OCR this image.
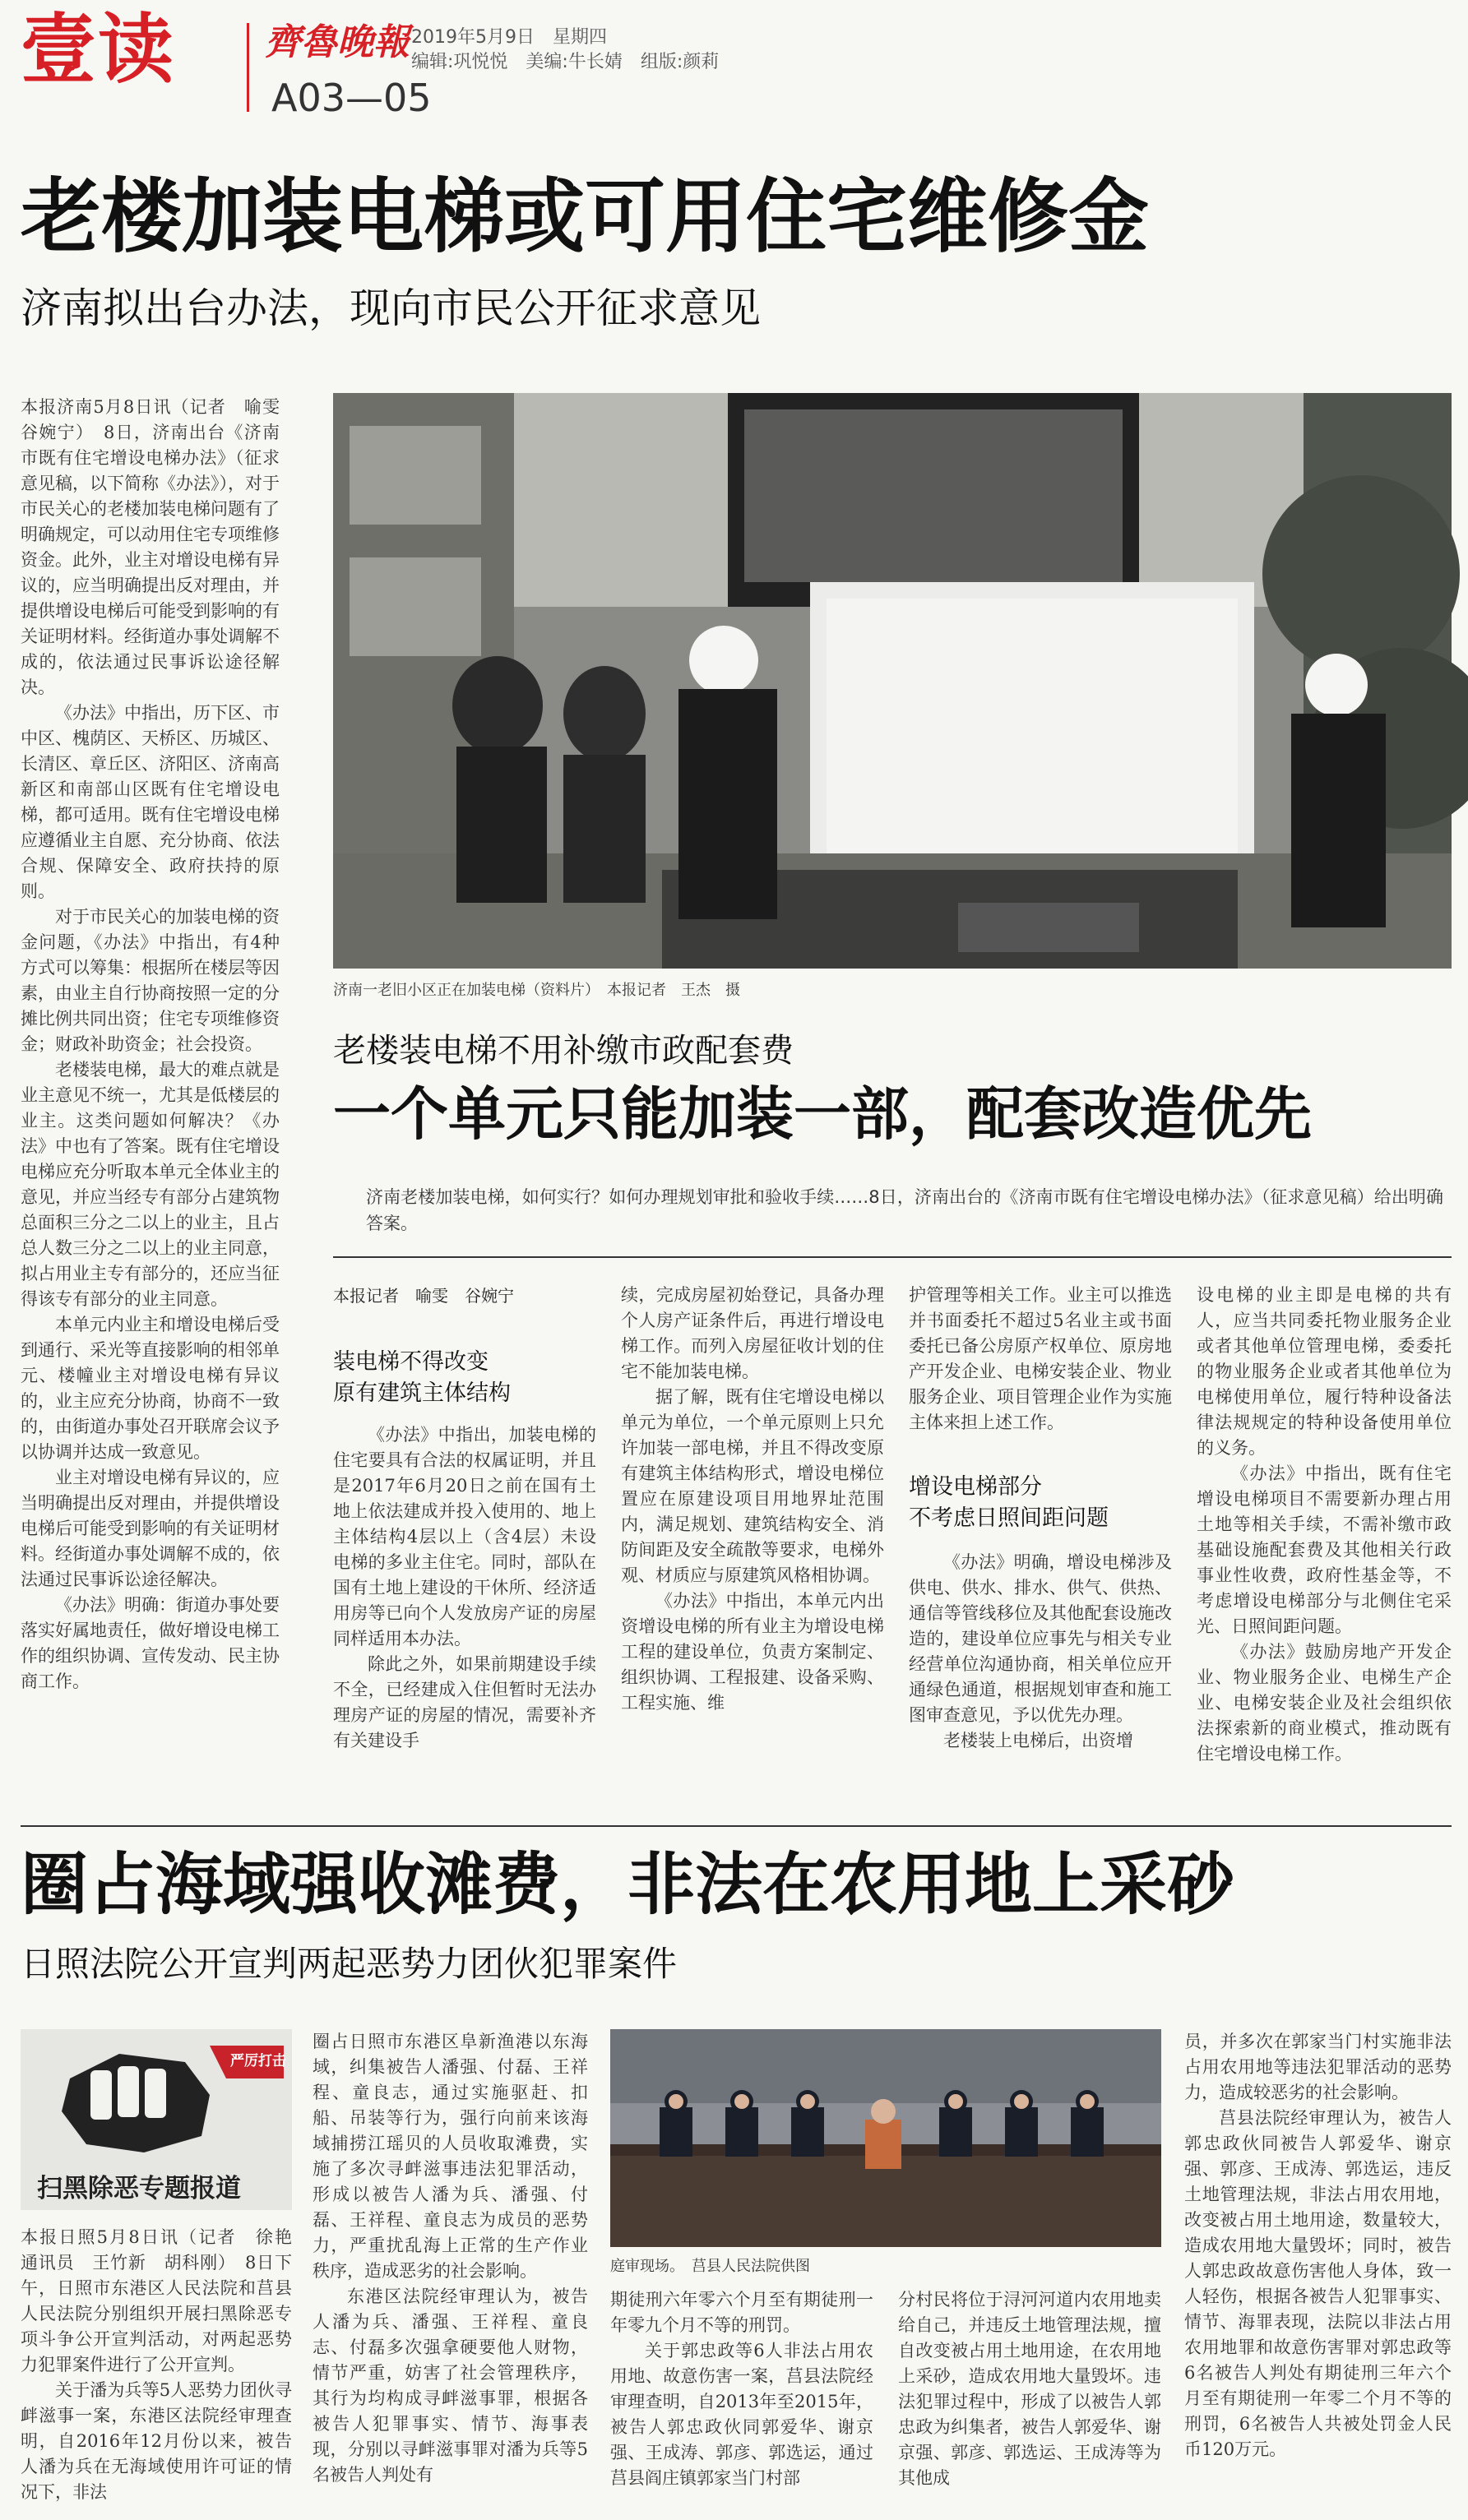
壹读 齊魯晚報 2019年5月9日　星期四
编辑:巩悦悦　美编:牛长婧　组版:颜莉
A03—05
老楼加装电梯或可用住宅维修金
济南拟出台办法，现向市民公开征求意见

本报济南5月8日讯（记者　喻雯　谷婉宁）　8日，济南出台《济南市既有住宅增设电梯办法》（征求意见稿，以下简称《办法》），对于市民关心的老楼加装电梯问题有了明确规定，可以动用住宅专项维修资金。此外，业主对增设电梯有异议的，应当明确提出反对理由，并提供增设电梯后可能受到影响的有关证明材料。经街道办事处调解不成的，依法通过民事诉讼途径解决。

《办法》中指出，历下区、市中区、槐荫区、天桥区、历城区、长清区、章丘区、济阳区、济南高新区和南部山区既有住宅增设电梯，都可适用。既有住宅增设电梯应遵循业主自愿、充分协商、依法合规、保障安全、政府扶持的原则。

对于市民关心的加装电梯的资金问题，《办法》中指出，有4种方式可以筹集：根据所在楼层等因素，由业主自行协商按照一定的分摊比例共同出资；住宅专项维修资金；财政补助资金；社会投资。

老楼装电梯，最大的难点就是业主意见不统一，尤其是低楼层的业主。这类问题如何解决？《办法》中也有了答案。既有住宅增设电梯应充分听取本单元全体业主的意见，并应当经专有部分占建筑物总面积三分之二以上的业主，且占总人数三分之二以上的业主同意，拟占用业主专有部分的，还应当征得该专有部分的业主同意。

本单元内业主和增设电梯后受到通行、采光等直接影响的相邻单元、楼幢业主对增设电梯有异议的，业主应充分协商，协商不一致的，由街道办事处召开联席会议予以协调并达成一致意见。

业主对增设电梯有异议的，应当明确提出反对理由，并提供增设电梯后可能受到影响的有关证明材料。经街道办事处调解不成的，依法通过民事诉讼途径解决。

《办法》明确：街道办事处要落实好属地责任，做好增设电梯工作的组织协调、宣传发动、民主协商工作。

济南一老旧小区正在加装电梯（资料片）　本报记者　王杰　摄
老楼装电梯不用补缴市政配套费
一个单元只能加装一部，配套改造优先

济南老楼加装电梯，如何实行？如何办理规划审批和验收手续……8日，济南出台的《济南市既有住宅增设电梯办法》（征求意见稿）给出明确答案。

本报记者　喻雯　谷婉宁
装电梯不得改变
原有建筑主体结构

《办法》中指出，加装电梯的住宅要具有合法的权属证明，并且是2017年6月20日之前在国有土地上依法建成并投入使用的、地上主体结构4层以上（含4层）未设电梯的多业主住宅。同时，部队在国有土地上建设的干休所、经济适用房等已向个人发放房产证的房屋同样适用本办法。

除此之外，如果前期建设手续不全，已经建成入住但暂时无法办理房产证的房屋的情况，需要补齐有关建设手

续，完成房屋初始登记，具备办理个人房产证条件后，再进行增设电梯工作。而列入房屋征收计划的住宅不能加装电梯。

据了解，既有住宅增设电梯以单元为单位，一个单元原则上只允许加装一部电梯，并且不得改变原有建筑主体结构形式，增设电梯位置应在原建设项目用地界址范围内，满足规划、建筑结构安全、消防间距及安全疏散等要求，电梯外观、材质应与原建筑风格相协调。

《办法》中指出，本单元内出资增设电梯的所有业主为增设电梯工程的建设单位，负责方案制定、组织协调、工程报建、设备采购、工程实施、维

护管理等相关工作。业主可以推选并书面委托不超过5名业主或书面委托已备公房原产权单位、原房地产开发企业、电梯安装企业、物业服务企业、项目管理企业作为实施主体来担上述工作。

增设电梯部分
不考虑日照间距问题

《办法》明确，增设电梯涉及供电、供水、排水、供气、供热、通信等管线移位及其他配套设施改造的，建设单位应事先与相关专业经营单位沟通协商，相关单位应开通绿色通道，根据规划审查和施工图审查意见，予以优先办理。

老楼装上电梯后，出资增

设电梯的业主即是电梯的共有人，应当共同委托物业服务企业或者其他单位管理电梯，委委托的物业服务企业或者其他单位为电梯使用单位，履行特种设备法律法规规定的特种设备使用单位的义务。

《办法》中指出，既有住宅增设电梯项目不需要新办理占用土地等相关手续，不需补缴市政基础设施配套费及其他相关行政事业性收费，政府性基金等，不考虑增设电梯部分与北侧住宅采光、日照间距问题。

《办法》鼓励房地产开发企业、物业服务企业、电梯生产企业、电梯安装企业及社会组织依法探索新的商业模式，推动既有住宅增设电梯工作。

圈占海域强收滩费，非法在农用地上采砂
日照法院公开宣判两起恶势力团伙犯罪案件
严厉打击
扫黑除恶专题报道

本报日照5月8日讯（记者　徐艳　通讯员　王竹新　胡科刚）　8日下午，日照市东港区人民法院和莒县人民法院分别组织开展扫黑除恶专项斗争公开宣判活动，对两起恶势力犯罪案件进行了公开宣判。

关于潘为兵等5人恶势力团伙寻衅滋事一案，东港区法院经审理查明，自2016年12月份以来，被告人潘为兵在无海域使用许可证的情况下，非法

圈占日照市东港区阜新渔港以东海域，纠集被告人潘强、付磊、王祥程、童良志，通过实施驱赶、扣船、吊装等行为，强行向前来该海域捕捞江瑶贝的人员收取滩费，实施了多次寻衅滋事违法犯罪活动，形成以被告人潘为兵、潘强、付磊、王祥程、童良志为成员的恶势力，严重扰乱海上正常的生产作业秩序，造成恶劣的社会影响。

东港区法院经审理认为，被告人潘为兵、潘强、王祥程、童良志、付磊多次强拿硬要他人财物，情节严重，妨害了社会管理秩序，其行为均构成寻衅滋事罪，根据各被告人犯罪事实、情节、海事表现，分别以寻衅滋事罪对潘为兵等5名被告人判处有

庭审现场。　莒县人民法院供图

期徒刑六年零六个月至有期徒刑一年零九个月不等的刑罚。

关于郭忠政等6人非法占用农用地、故意伤害一案，莒县法院经审理查明，自2013年至2015年，被告人郭忠政伙同郭爱华、谢京强、王成涛、郭彦、郭选运，通过莒县阎庄镇郭家当门村部

分村民将位于浔河河道内农用地卖给自己，并违反土地管理法规，擅自改变被占用土地用途，在农用地上采砂，造成农用地大量毁坏。违法犯罪过程中，形成了以被告人郭忠政为纠集者，被告人郭爱华、谢京强、郭彦、郭选运、王成涛等为其他成

员，并多次在郭家当门村实施非法占用农用地等违法犯罪活动的恶势力，造成较恶劣的社会影响。

莒县法院经审理认为，被告人郭忠政伙同被告人郭爱华、谢京强、郭彦、王成涛、郭选运，违反土地管理法规，非法占用农用地，改变被占用土地用途，数量较大，造成农用地大量毁坏；同时，被告人郭忠政故意伤害他人身体，致一人轻伤，根据各被告人犯罪事实、情节、海罪表现，法院以非法占用农用地罪和故意伤害罪对郭忠政等6名被告人判处有期徒刑三年六个月至有期徒刑一年零二个月不等的刑罚，6名被告人共被处罚金人民币120万元。
